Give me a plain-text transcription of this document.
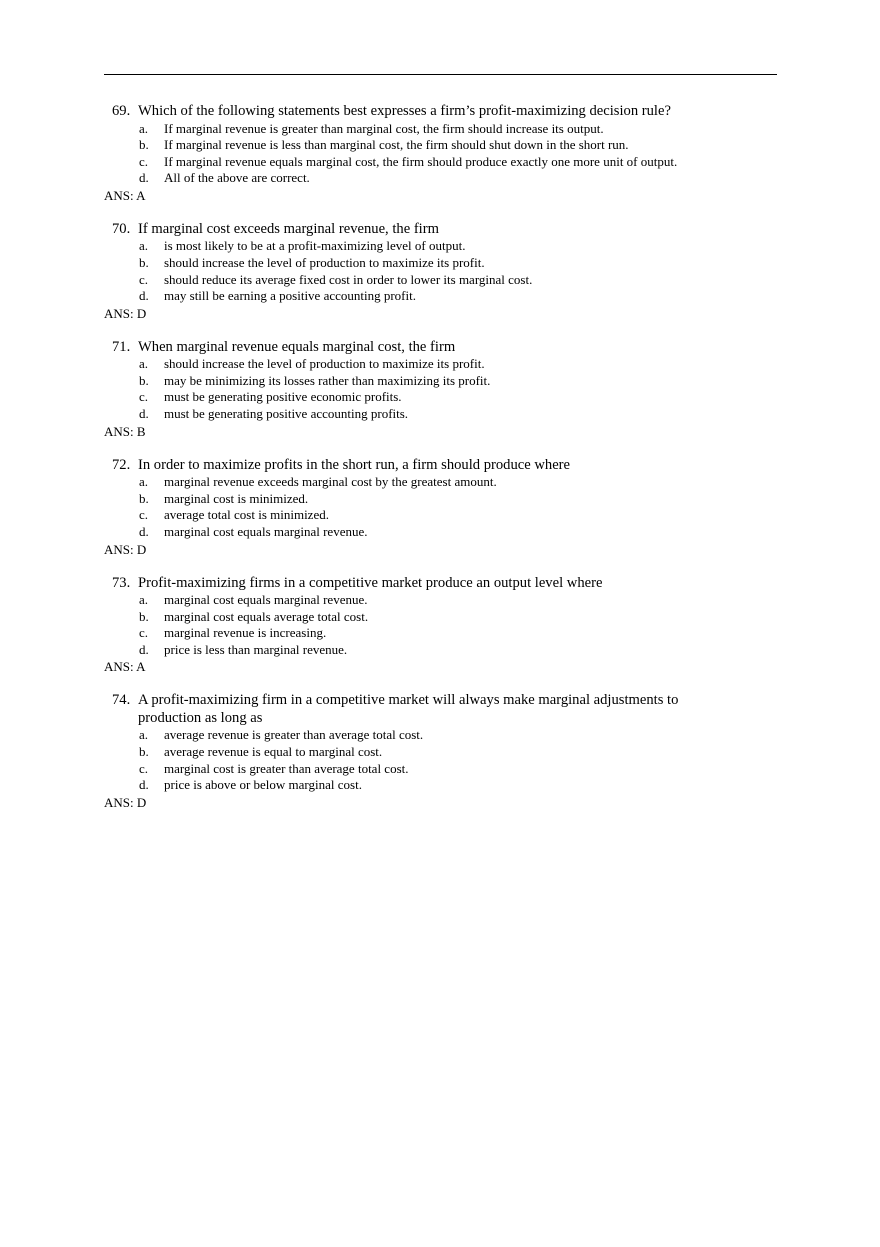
69. Which of the following statements best expresses a firm’s profit-maximizing decision rule?
a.	If marginal revenue is greater than marginal cost, the firm should increase its output.
b.	If marginal revenue is less than marginal cost, the firm should shut down in the short run.
c.	If marginal revenue equals marginal cost, the firm should produce exactly one more unit of output.
d.	All of the above are correct.
ANS: A
70. If marginal cost exceeds marginal revenue, the firm
a.	is most likely to be at a profit-maximizing level of output.
b.	should increase the level of production to maximize its profit.
c.	should reduce its average fixed cost in order to lower its marginal cost.
d.	may still be earning a positive accounting profit.
ANS: D
71. When marginal revenue equals marginal cost, the firm
a.	should increase the level of production to maximize its profit.
b.	may be minimizing its losses rather than maximizing its profit.
c.	must be generating positive economic profits.
d.	must be generating positive accounting profits.
ANS: B
72. In order to maximize profits in the short run, a firm should produce where
a.	marginal revenue exceeds marginal cost by the greatest amount.
b.	marginal cost is minimized.
c.	average total cost is minimized.
d.	marginal cost equals marginal revenue.
ANS: D
73. Profit-maximizing firms in a competitive market produce an output level where
a.	marginal cost equals marginal revenue.
b.	marginal cost equals average total cost.
c.	marginal revenue is increasing.
d.	price is less than marginal revenue.
ANS: A
74. A profit-maximizing firm in a competitive market will always make marginal adjustments to production as long as
a.	average revenue is greater than average total cost.
b.	average revenue is equal to marginal cost.
c.	marginal cost is greater than average total cost.
d.	price is above or below marginal cost.
ANS: D
